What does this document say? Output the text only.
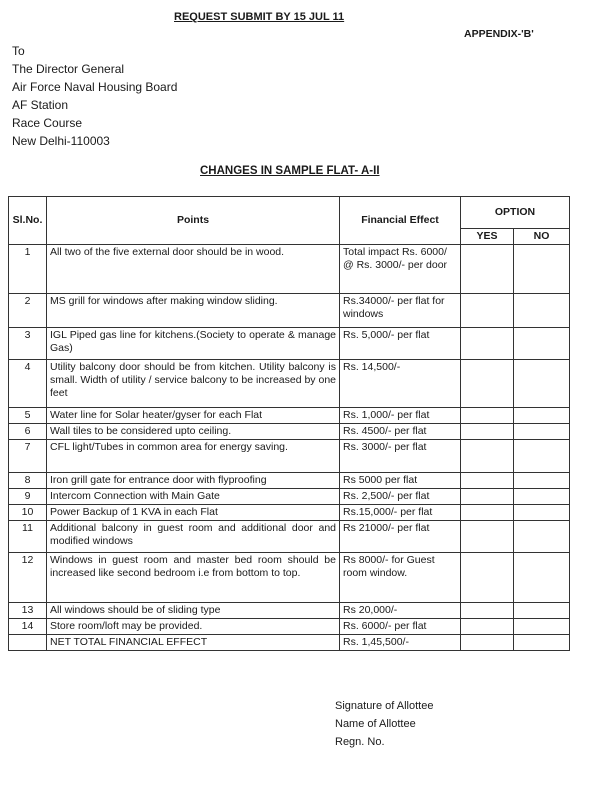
REQUEST SUBMIT BY 15 JUL 11
APPENDIX-'B'
To
The Director General
Air Force Naval Housing Board
AF Station
Race Course
New Delhi-110003
CHANGES IN SAMPLE FLAT- A-II
Sl.No.	Points	Financial Effect	OPTION	
			YES	NO
1	All two of the five external door should be in wood.	Total impact Rs. 6000/ @ Rs. 3000/- per door		
2	MS grill for windows after making window sliding.	Rs.34000/- per flat for windows		
3	IGL Piped gas line for kitchens.(Society to operate & manage Gas)	Rs. 5,000/- per flat		
4	Utility balcony door should be from kitchen. Utility balcony is small. Width of utility / service balcony to be increased by one feet	Rs. 14,500/-		
5	Water line for Solar heater/gyser for each Flat	Rs. 1,000/- per flat		
6	Wall tiles to be considered upto ceiling.	Rs. 4500/- per flat		
7	CFL light/Tubes in common area for energy saving.	Rs. 3000/- per flat		
8	Iron grill gate for entrance door with flyproofing	Rs 5000 per flat		
9	Intercom Connection with Main Gate	Rs. 2,500/- per flat		
10	Power Backup of 1 KVA in each Flat	Rs.15,000/- per flat		
11	Additional balcony in guest room and additional door and modified windows	Rs 21000/- per flat		
12	Windows in guest room and master bed room should be increased like second bedroom i.e from bottom to top.	Rs 8000/- for Guest room window.		
13	All windows should be of sliding type	Rs 20,000/-		
14	Store room/loft may be provided.	Rs. 6000/- per flat		
	NET TOTAL FINANCIAL EFFECT	Rs. 1,45,500/-		
Signature of Allottee
Name of Allottee
Regn. No.
